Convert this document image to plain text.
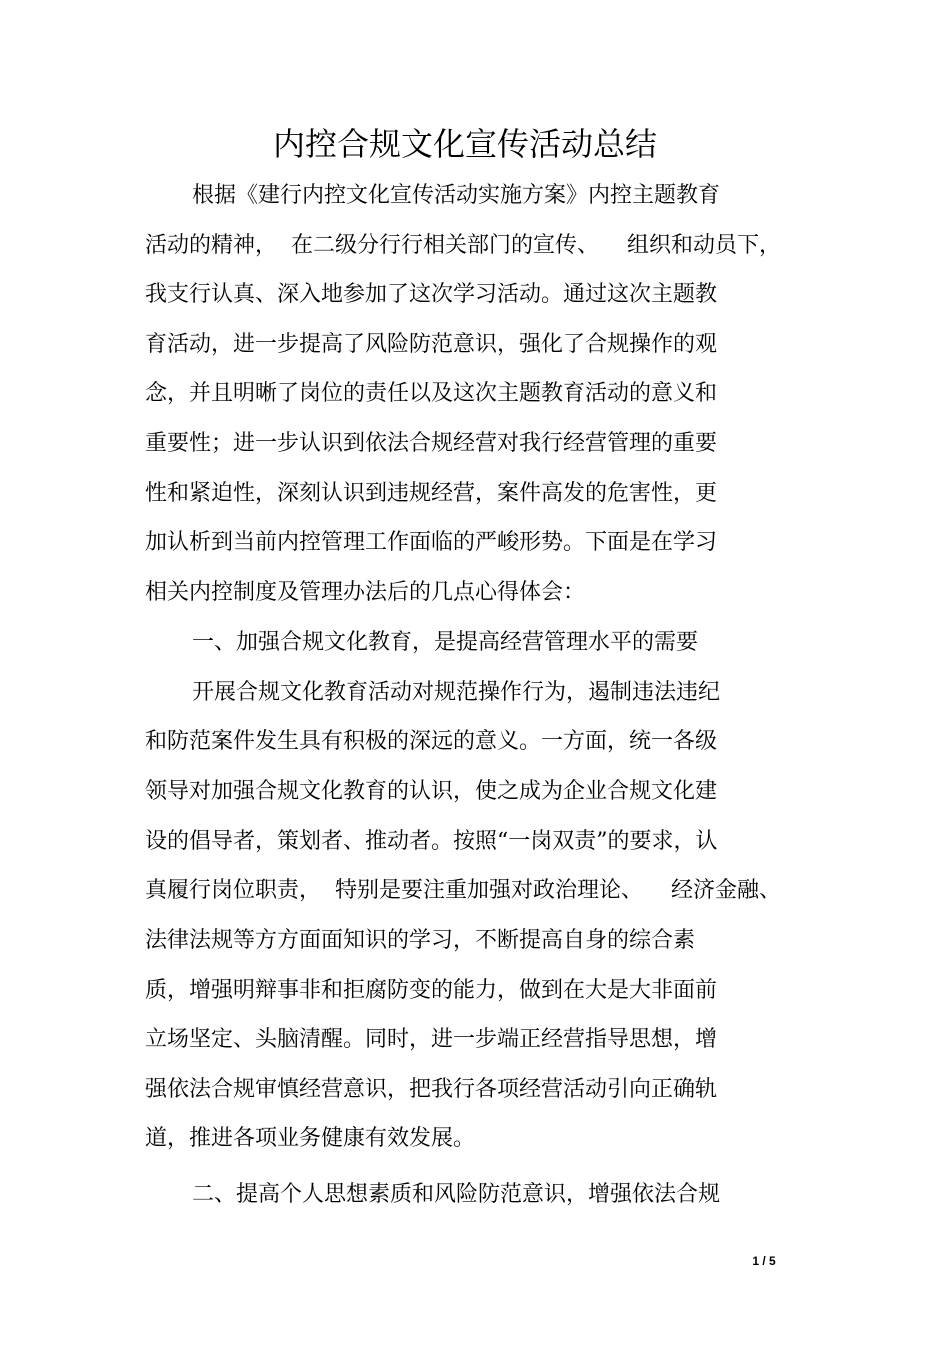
内控合规文化宣传活动总结
根据《建行内控文化宣传活动实施方案》内控主题教育
活动的精神，  在二级分行行相关部门的宣传、    组织和动员下，
我支行认真、深入地参加了这次学习活动。通过这次主题教
育活动，进一步提高了风险防范意识，强化了合规操作的观
念，并且明晰了岗位的责任以及这次主题教育活动的意义和
重要性；进一步认识到依法合规经营对我行经营管理的重要
性和紧迫性，深刻认识到违规经营，案件高发的危害性，更
加认析到当前内控管理工作面临的严峻形势。下面是在学习
相关内控制度及管理办法后的几点心得体会：
一、加强合规文化教育，是提高经营管理水平的需要
开展合规文化教育活动对规范操作行为，遏制违法违纪
和防范案件发生具有积极的深远的意义。一方面，统一各级
领导对加强合规文化教育的认识，使之成为企业合规文化建
设的倡导者，策划者、推动者。按照“一岗双责”的要求，认
真履行岗位职责，  特别是要注重加强对政治理论、    经济金融、
法律法规等方方面面知识的学习，不断提高自身的综合素
质，增强明辩事非和拒腐防变的能力，做到在大是大非面前
立场坚定、头脑清醒。同时，进一步端正经营指导思想，增
强依法合规审慎经营意识，把我行各项经营活动引向正确轨
道，推进各项业务健康有效发展。
二、提高个人思想素质和风险防范意识，增强依法合规
1 / 5
